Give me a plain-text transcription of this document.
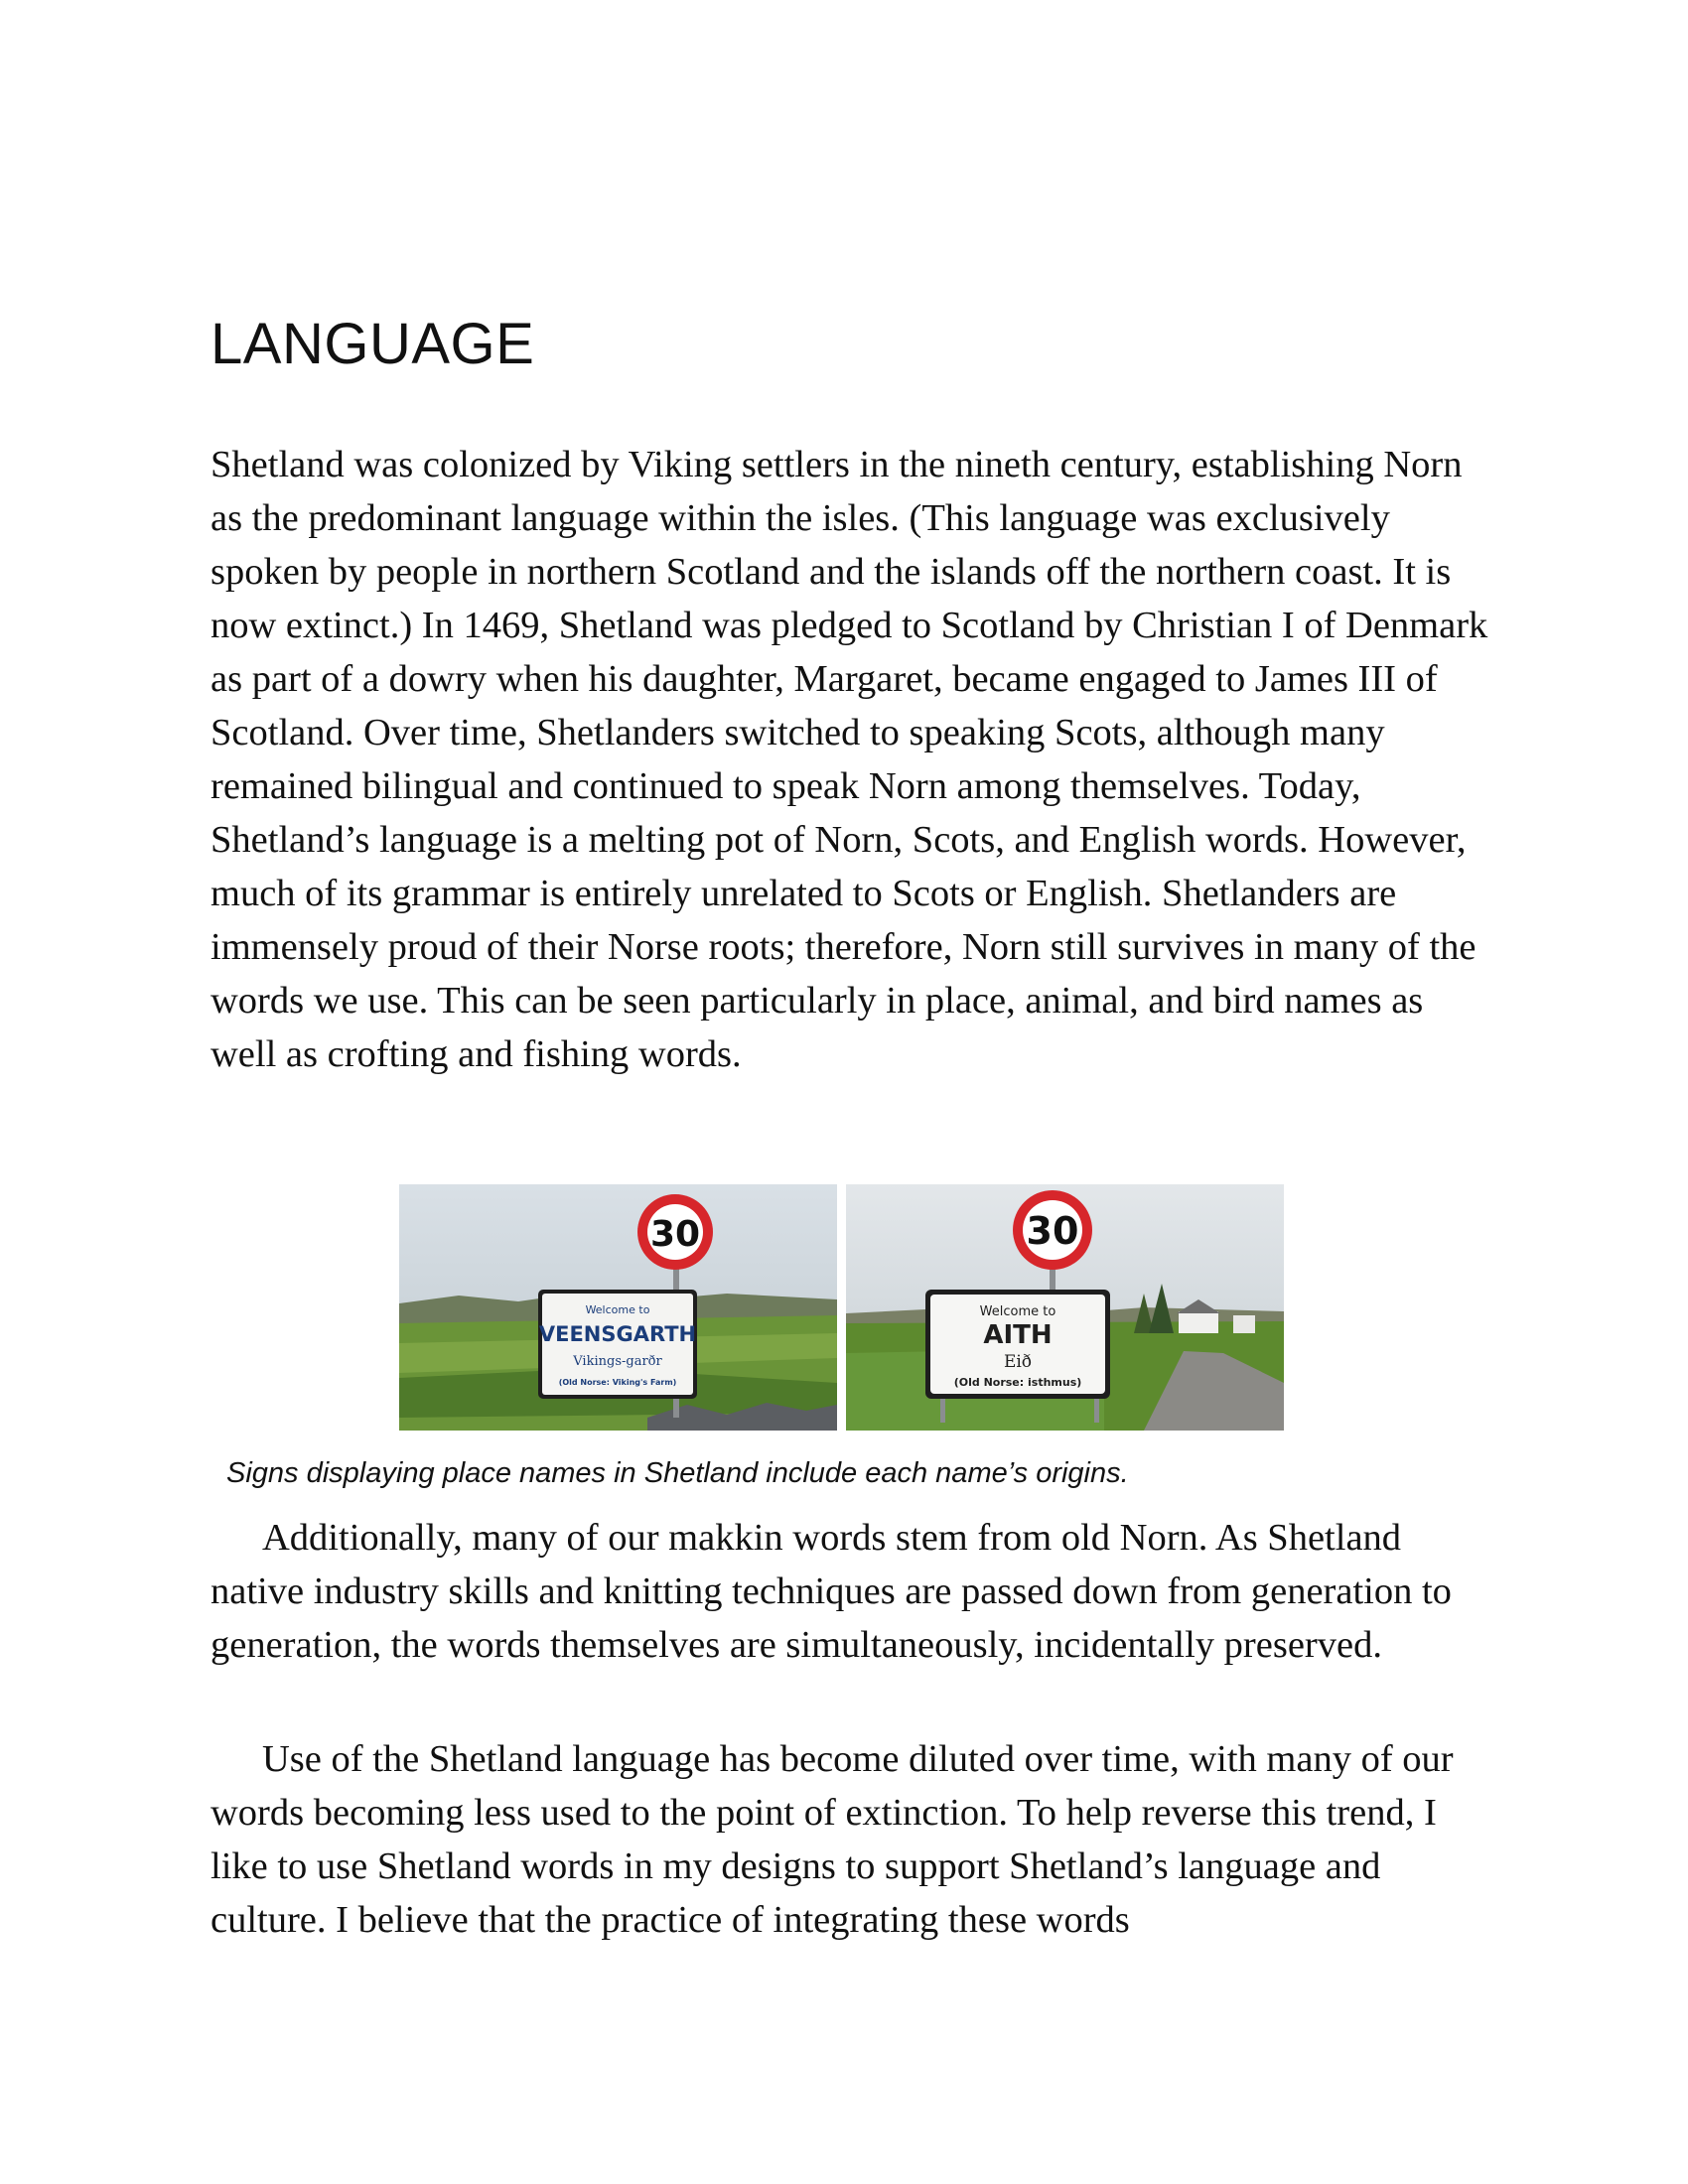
LANGUAGE

Shetland was colonized by Viking settlers in the nineth century, establishing Norn as the predominant language within the isles. (This language was exclusively spoken by people in northern Scotland and the islands off the northern coast. It is now extinct.) In 1469, Shetland was pledged to Scotland by Christian I of Denmark as part of a dowry when his daughter, Margaret, became engaged to James III of Scotland. Over time, Shetlanders switched to speaking Scots, although many remained bilingual and continued to speak Norn among themselves. Today, Shetland’s language is a melting pot of Norn, Scots, and English words. However, much of its grammar is entirely unrelated to Scots or English. Shetlanders are immensely proud of their Norse roots; therefore, Norn still survives in many of the words we use. This can be seen particularly in place, animal, and bird names as well as crofting and fishing words.

30
Welcome to
VEENSGARTH
Vikings-garðr
(Old Norse: Viking's Farm)
30
Welcome to
AITH
Eið
(Old Norse: isthmus)

Signs displaying place names in Shetland include each name’s origins.

Additionally, many of our makkin words stem from old Norn. As Shetland native industry skills and knitting techniques are passed down from generation to generation, the words themselves are simultaneously, incidentally preserved.

Use of the Shetland language has become diluted over time, with many of our words becoming less used to the point of extinction. To help reverse this trend, I like to use Shetland words in my designs to support Shetland’s language and culture. I believe that the practice of integrating these words
